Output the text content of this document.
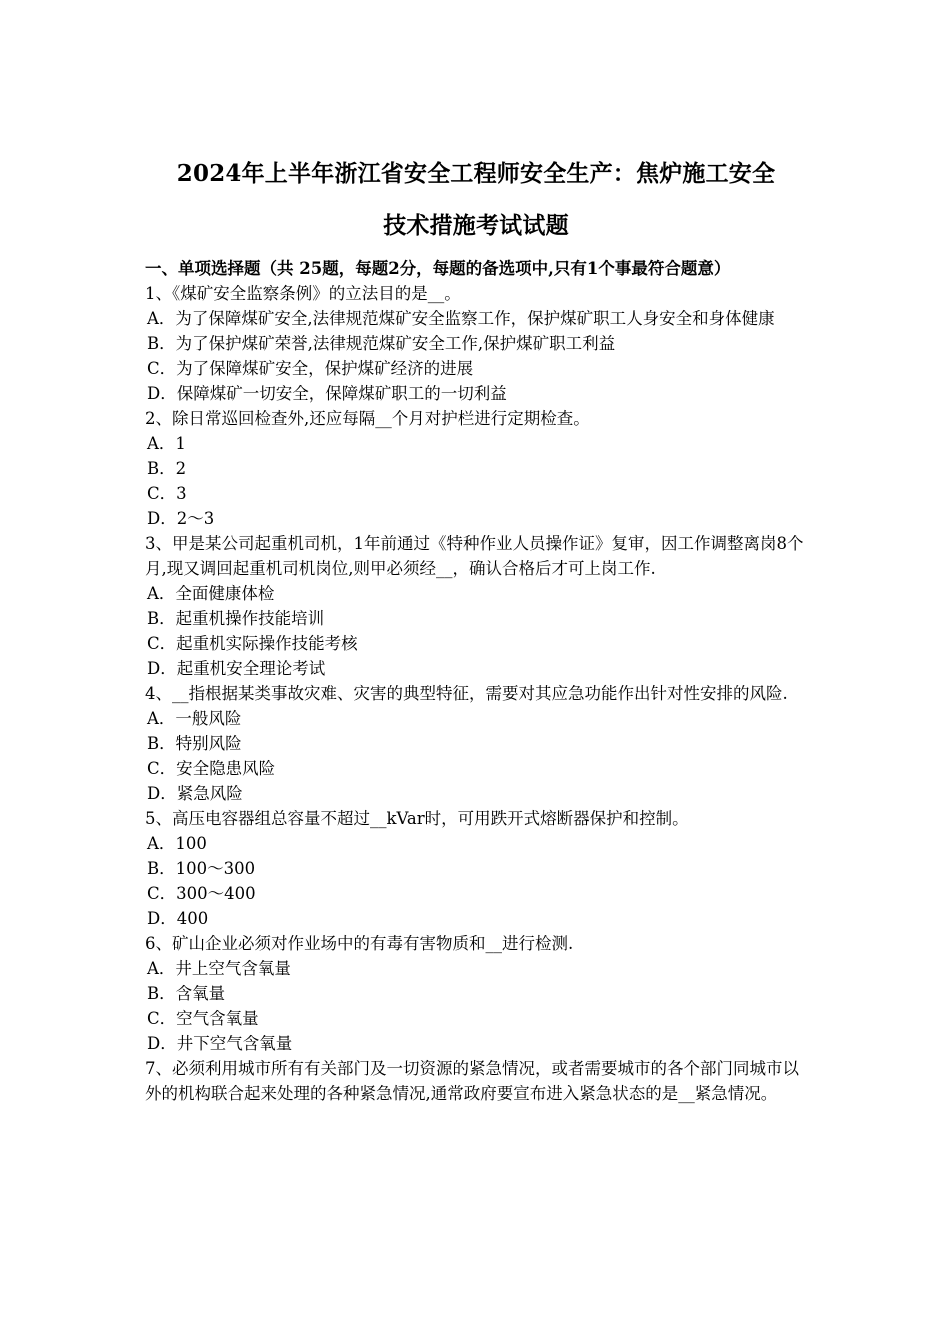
2024年上半年浙江省安全工程师安全生产：焦炉施工安全
技术措施考试试题
一、单项选择题（共 25题，每题2分，每题的备选项中,只有1个事最符合题意）
1、《煤矿安全监察条例》的立法目的是__。
A．为了保障煤矿安全,法律规范煤矿安全监察工作，保护煤矿职工人身安全和身体健康
B．为了保护煤矿荣誉,法律规范煤矿安全工作,保护煤矿职工利益
C．为了保障煤矿安全，保护煤矿经济的进展
D．保障煤矿一切安全，保障煤矿职工的一切利益
2、除日常巡回检查外,还应每隔__个月对护栏进行定期检查。
A．1
B．2
C．3
D．2～3
3、甲是某公司起重机司机，1年前通过《特种作业人员操作证》复审，因工作调整离岗8个月,现又调回起重机司机岗位,则甲必须经__，确认合格后才可上岗工作.
A．全面健康体检
B．起重机操作技能培训
C．起重机实际操作技能考核
D．起重机安全理论考试
4、__指根据某类事故灾难、灾害的典型特征，需要对其应急功能作出针对性安排的风险.
A．一般风险
B．特别风险
C．安全隐患风险
D．紧急风险
5、高压电容器组总容量不超过__kVar时，可用跌开式熔断器保护和控制。
A．100
B．100～300
C．300～400
D．400
6、矿山企业必须对作业场中的有毒有害物质和__进行检测.
A．井上空气含氧量
B．含氧量
C．空气含氧量
D．井下空气含氧量
7、必须利用城市所有有关部门及一切资源的紧急情况，或者需要城市的各个部门同城市以外的机构联合起来处理的各种紧急情况,通常政府要宣布进入紧急状态的是__紧急情况。
